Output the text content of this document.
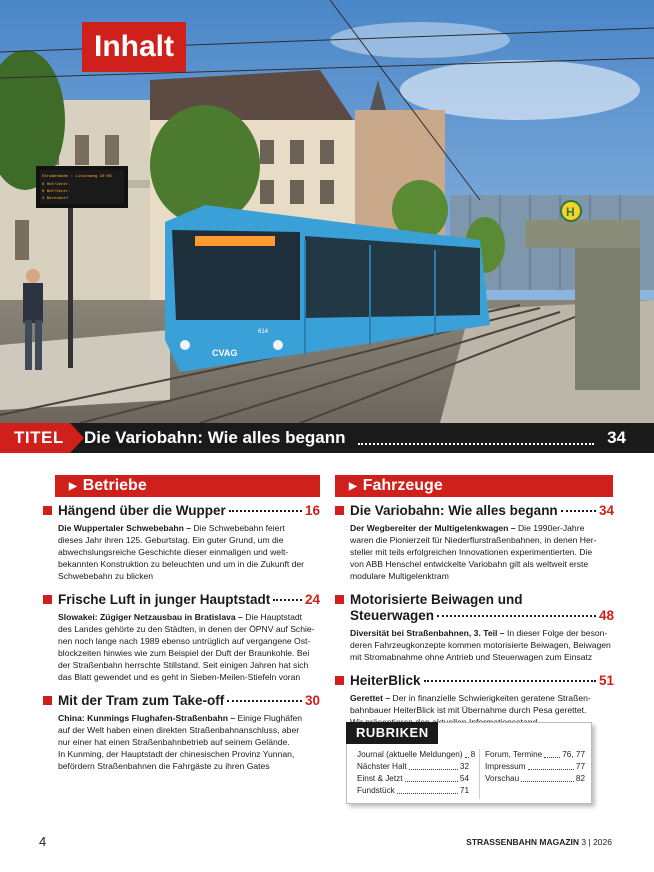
CVAG
614
Straßenbahn • Linienweg 10:06
6 Hbf/Zentr.
6 Hbf/Zentr.
3 Bernsdorf
H
Inhalt
TITEL Die Variobahn: Wie alles begann	34
▶ Betriebe	▶ Fahrzeuge
Hängend über die Wupper	16
Die Wuppertaler Schwebebahn – Die Schwebebahn feiert
dieses Jahr ihren 125. Geburtstag. Ein guter Grund, um die
abwechslungsreiche Geschichte dieser einmaligen und welt-
bekannten Konstruktion zu beleuchten und um in die Zukunft der
Schwebebahn zu blicken
Frische Luft in junger Hauptstadt	24
Slowakei: Zügiger Netzausbau in Bratislava – Die Hauptstadt
des Landes gehörte zu den Städten, in denen der ÖPNV auf Schie-
nen noch lange nach 1989 ebenso untrüglich auf vergangene Ost-
blockzeiten hinwies wie zum Beispiel der Duft der Braunkohle. Bei
der Straßenbahn herrschte Stillstand. Seit einigen Jahren hat sich
das Blatt gewendet und es geht in Sieben-Meilen-Stiefeln voran
Mit der Tram zum Take-off	30
China: Kunmings Flughafen-Straßenbahn – Einige Flughäfen
auf der Welt haben einen direkten Straßenbahnanschluss, aber
nur einer hat einen Straßenbahnbetrieb auf seinem Gelände.
In Kunming, der Hauptstadt der chinesischen Provinz Yunnan,
befördern Straßenbahnen die Fahrgäste zu ihren Gates
Die Variobahn: Wie alles begann	34
Der Wegbereiter der Multigelenkwagen – Die 1990er-Jahre
waren die Pionierzeit für Niederflurstraßenbahnen, in denen Her-
steller mit teils erfolgreichen Innovationen experimentierten. Die
von ABB Henschel entwickelte Variobahn gilt als weltweit erste
modulare Multigelenktram
Motorisierte Beiwagen und
Steuerwagen	48
Diversität bei Straßenbahnen, 3. Teil – In dieser Folge der beson-
deren Fahrzeugkonzepte kommen motorisierte Beiwagen, Beiwagen
mit Stromabnahme ohne Antrieb und Steuerwagen zum Einsatz
HeiterBlick	51
Gerettet – Der in finanzielle Schwierigkeiten geratene Straßen-
bahnbauer HeiterBlick ist mit Übernahme durch Pesa gerettet.
RUBRIKEN
Journal (aktuelle Meldungen) 8
Nächster Halt	32
Einst & Jetzt	54
Fundstück	71
Forum, Termine 76, 77
Impressum	77
Vorschau	82
4	STRASSENBAHN MAGAZIN 3 | 2026
